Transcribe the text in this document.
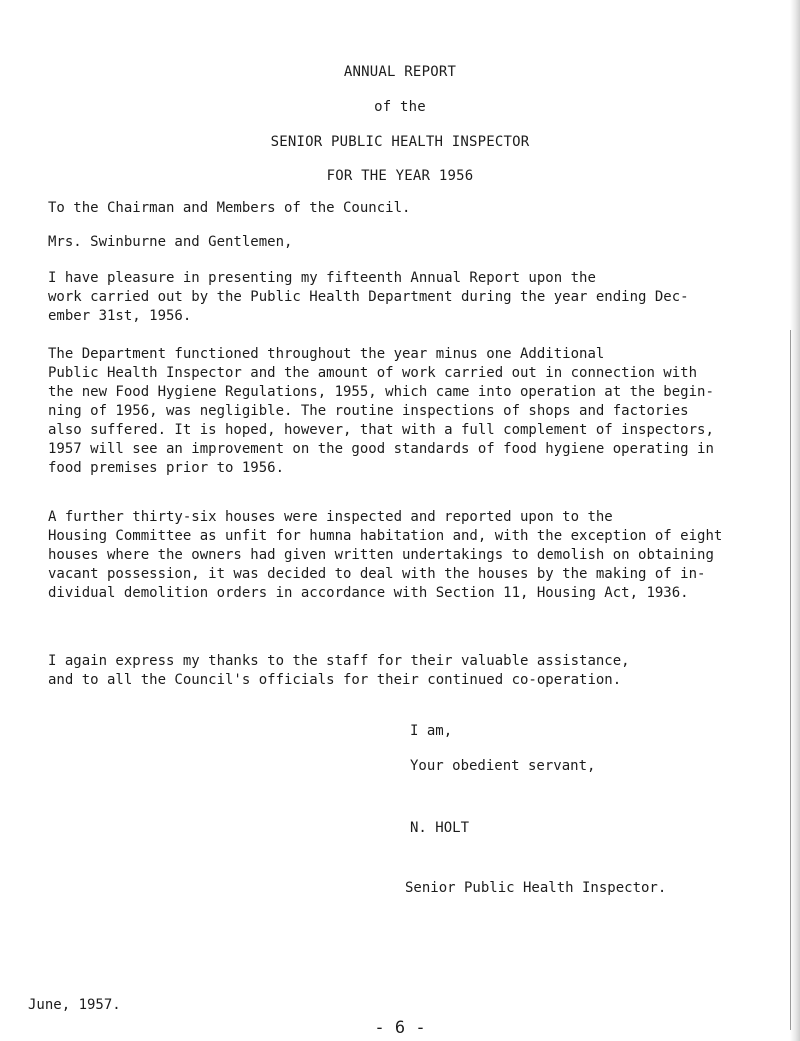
ANNUAL REPORT
of the
SENIOR PUBLIC HEALTH INSPECTOR
FOR THE YEAR 1956
To the Chairman and Members of the Council.
Mrs. Swinburne and Gentlemen,

I have pleasure in presenting my fifteenth Annual Report upon the
work carried out by the Public Health Department during the year ending Dec-
ember 31st, 1956.

The Department functioned throughout the year minus one Additional
Public Health Inspector and the amount of work carried out in connection with
the new Food Hygiene Regulations, 1955, which came into operation at the begin-
ning of 1956, was negligible. The routine inspections of shops and factories
also suffered. It is hoped, however, that with a full complement of inspectors,
1957 will see an improvement on the good standards of food hygiene operating in
food premises prior to 1956.

A further thirty-six houses were inspected and reported upon to the
Housing Committee as unfit for humna habitation and, with the exception of eight
houses where the owners had given written undertakings to demolish on obtaining
vacant possession, it was decided to deal with the houses by the making of in-
dividual demolition orders in accordance with Section 11, Housing Act, 1936.

I again express my thanks to the staff for their valuable assistance,
and to all the Council's officials for their continued co-operation.

I am,
Your obedient servant,
N. HOLT
Senior Public Health Inspector.
June, 1957.
- 6 -
